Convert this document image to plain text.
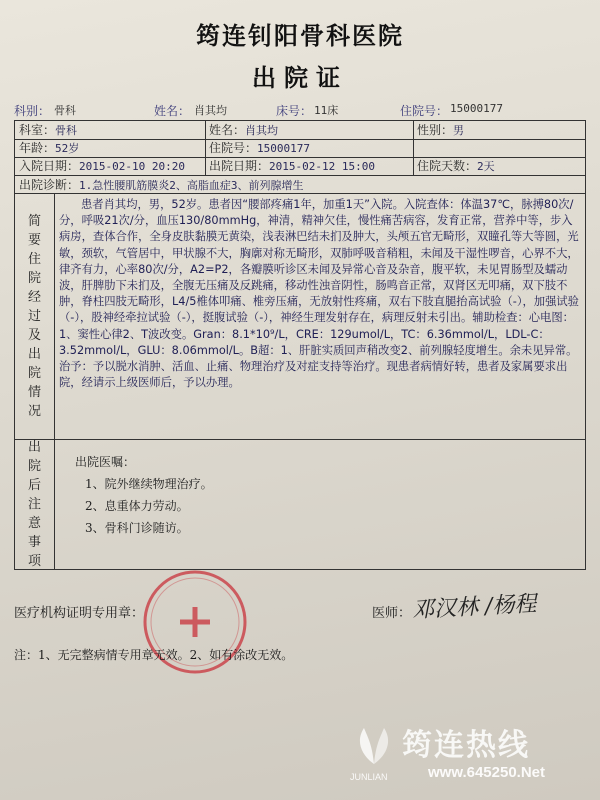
筠连钊阳骨科医院
出院证
科别： 骨科	姓名： 肖其均	床号： 11床	住院号： 15000177
科室：骨科	姓名：肖其均	性别：男
年龄：52岁	住院号：15000177
入院日期：2015-02-10 20:20	出院日期：2015-02-12 15:00	住院天数：2天
出院诊断：1.急性腰肌筋膜炎2、高脂血症3、前列腺增生
简要住院经过及出院情况
患者肖其均，男，52岁。患者因“腰部疼痛1年，加重1天”入院。入院查体：体温37℃，脉搏80次/分，呼吸21次/分，血压130/80mmHg，神清，精神欠佳，慢性痛苦病容，发育正常，营养中等，步入病房，查体合作，全身皮肤黏膜无黄染，浅表淋巴结未扪及肿大，头颅五官无畸形，双瞳孔等大等圆，光敏，颈软，气管居中，甲状腺不大，胸廓对称无畸形，双肺呼吸音稍粗，未闻及干湿性啰音，心界不大，律齐有力，心率80次/分，A2=P2，各瓣膜听诊区未闻及异常心音及杂音，腹平软，未见胃肠型及蠕动波，肝脾肋下未扪及，全腹无压痛及反跳痛，移动性浊音阴性，肠鸣音正常，双肾区无叩痛，双下肢不肿，脊柱四肢无畸形，L4/5椎体叩痛、椎旁压痛，无放射性疼痛，双右下肢直腿抬高试验（-），加强试验（-），股神经牵拉试验（-），挺腹试验（-），神经生理发射存在，病理反射未引出。辅助检查：心电图：1、窦性心律2、T波改变。Gran：8.1*10⁹/L，CRE：129umol/L，TC：6.36mmol/L，LDL-C：3.52mmol/L，GLU：8.06mmol/L。B超：1、肝脏实质回声稍改变2、前列腺轻度增生。余未见异常。治予：予以脱水消肿、活血、止痛、物理治疗及对症支持等治疗。现患者病情好转，患者及家属要求出院，经请示上级医师后，予以办理。
出院后注意事项
出院医嘱：
1、院外继续物理治疗。
2、息重体力劳动。
3、骨科门诊随访。
医疗机构证明专用章：	医师： 邓汉林 /杨程
注：1、无完整病情专用章无效。2、如有涂改无效。
筠连热线
JUNLIAN	www.645250.Net
